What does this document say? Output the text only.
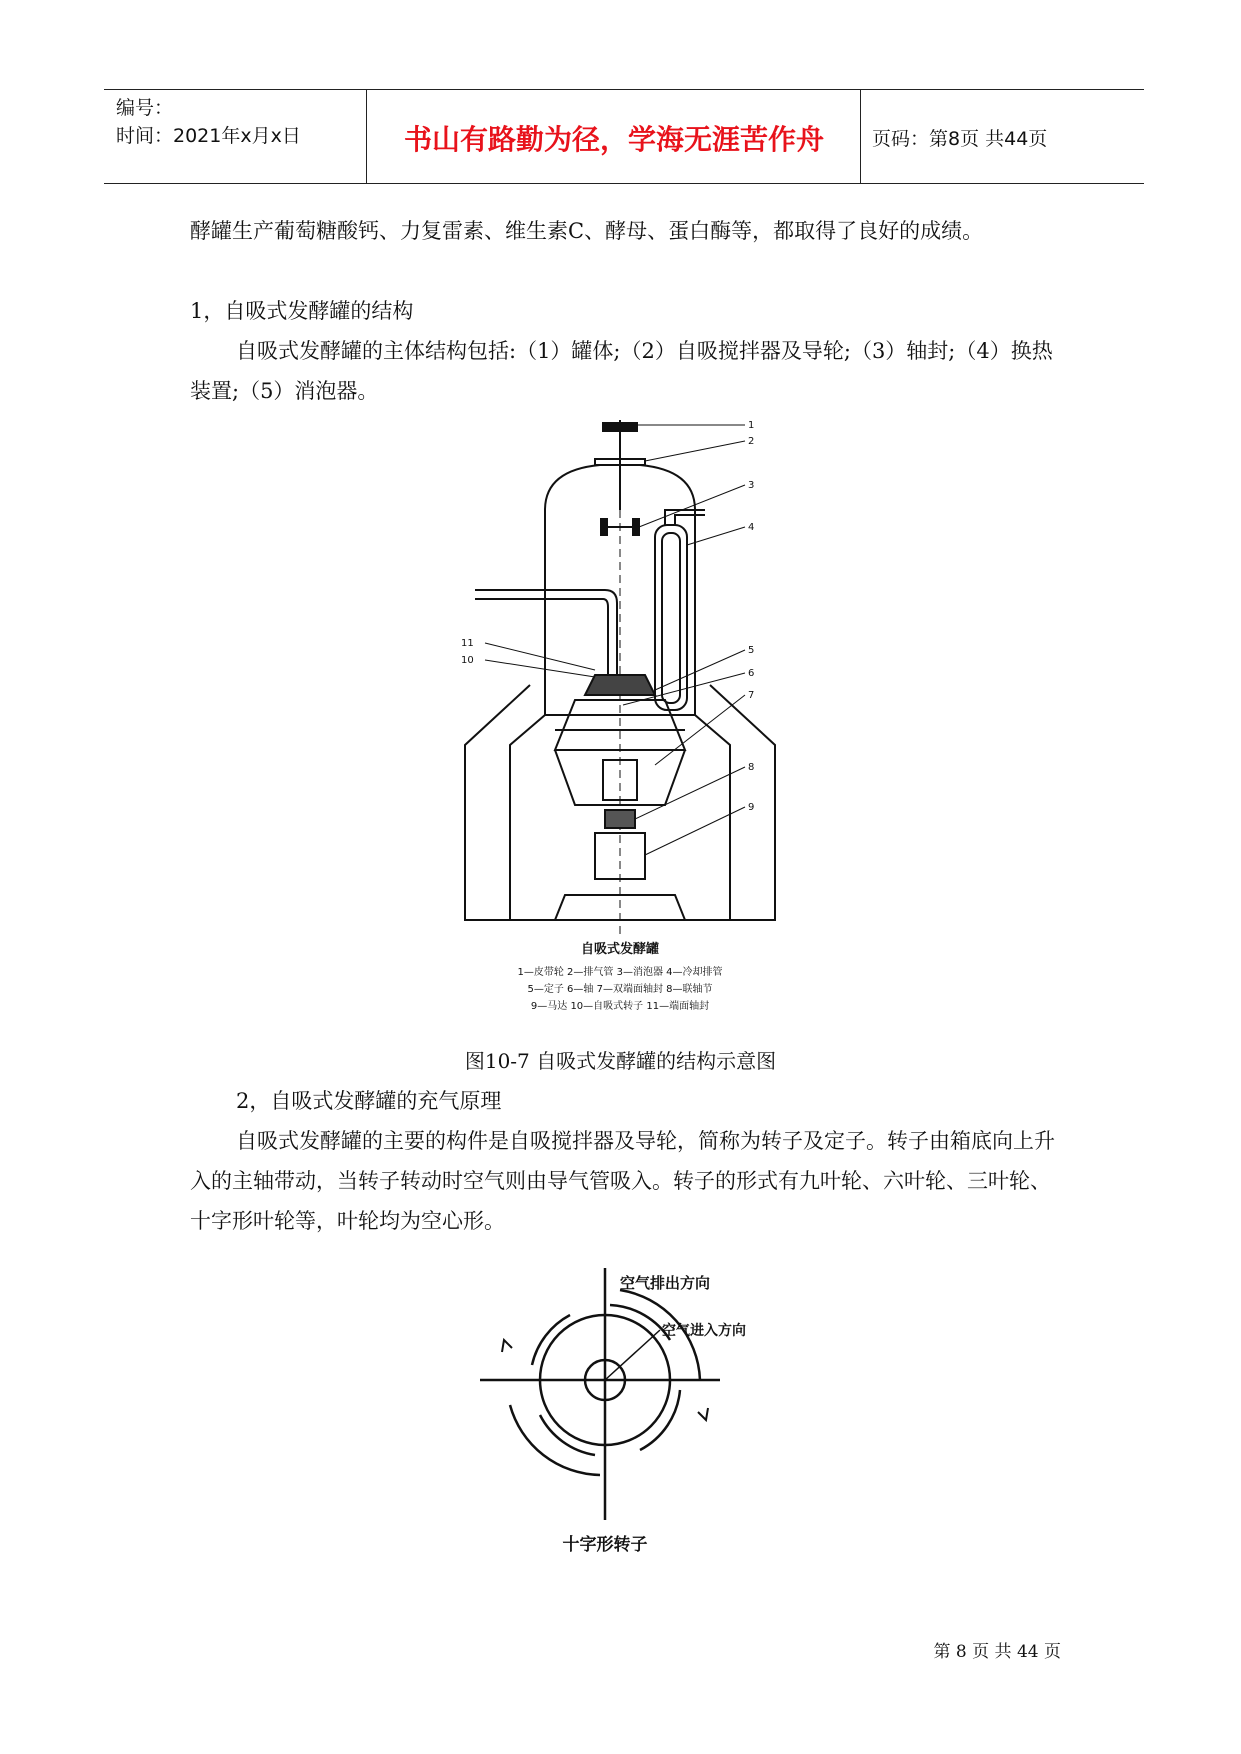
编号：
时间：2021年x月x日	书山有路勤为径，学海无涯苦作舟	页码：第8页 共44页

酵罐生产葡萄糖酸钙、力复雷素、维生素C、酵母、蛋白酶等，都取得了良好的成绩。

1，自吸式发酵罐的结构

自吸式发酵罐的主体结构包括:（1）罐体;（2）自吸搅拌器及导轮;（3）轴封;（4）换热装置;（5）消泡器。

1
2
3
4
5
6
7
8
9
11
10
自吸式发酵罐
1—皮带轮 2—排气管 3—消泡器 4—冷却排管
5—定子 6—轴 7—双端面轴封 8—联轴节
9—马达 10—自吸式转子 11—端面轴封
图10-7 自吸式发酵罐的结构示意图

2，自吸式发酵罐的充气原理

自吸式发酵罐的主要的构件是自吸搅拌器及导轮，简称为转子及定子。转子由箱底向上升入的主轴带动，当转子转动时空气则由导气管吸入。转子的形式有九叶轮、六叶轮、三叶轮、十字形叶轮等，叶轮均为空心形。

空气排出方向
空气进入方向
十字形转子
第 8 页 共 44 页
